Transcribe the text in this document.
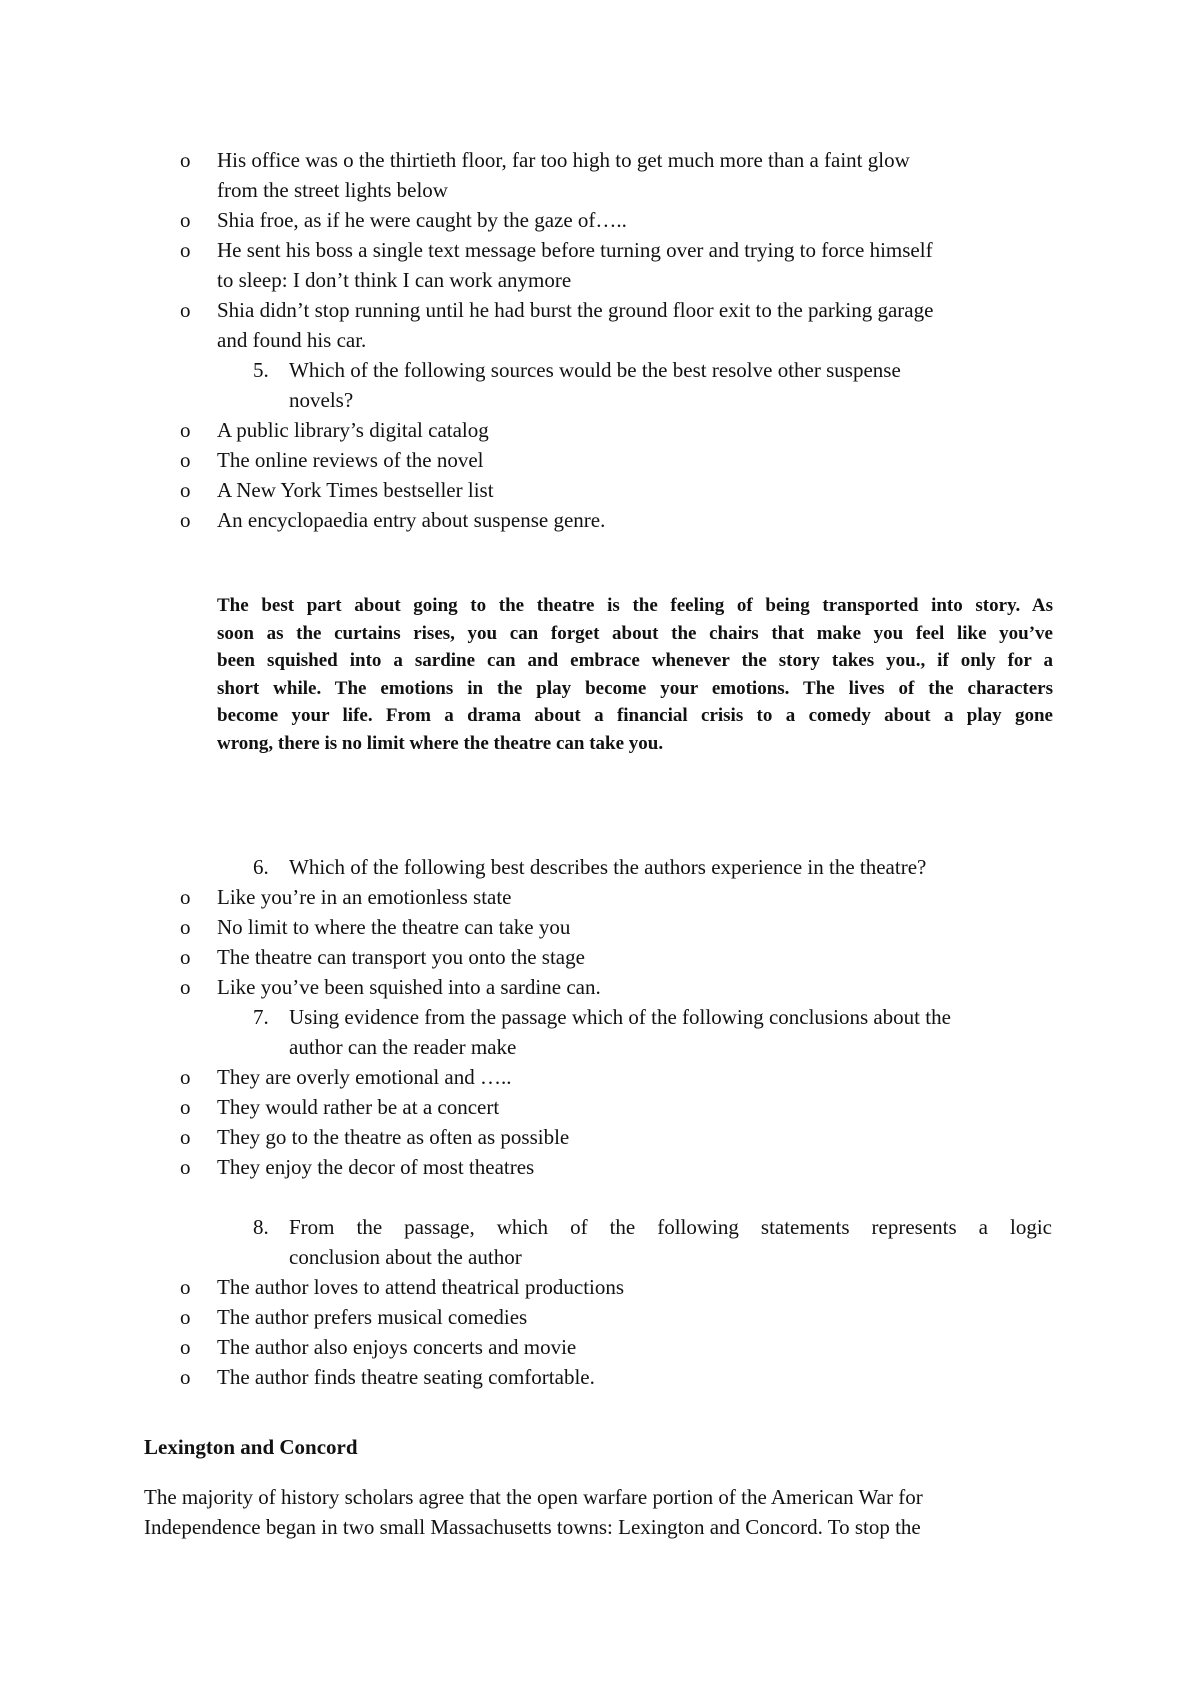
o His office was o the thirtieth floor, far too high to get much more than a faint glow
from the street lights below
o Shia froe, as if he were caught by the gaze of…..
o He sent his boss a single text message before turning over and trying to force himself
to sleep: I don’t think I can work anymore
o Shia didn’t stop running until he had burst the ground floor exit to the parking garage
and found his car.
5. Which of the following sources would be the best resolve other suspense
novels?
o A public library’s digital catalog
o The online reviews of the novel
o A New York Times bestseller list
o An encyclopaedia entry about suspense genre.
The best part about going to the theatre is the feeling of being transported into story. As
soon as the curtains rises, you can forget about the chairs that make you feel like you’ve
been squished into a sardine can and embrace whenever the story takes you., if only for a
short while. The emotions in the play become your emotions. The lives of the characters
become your life. From a drama about a financial crisis to a comedy about a play gone
wrong, there is no limit where the theatre can take you.
6. Which of the following best describes the authors experience in the theatre?
o Like you’re in an emotionless state
o No limit to where the theatre can take you
o The theatre can transport you onto the stage
o Like you’ve been squished into a sardine can.
7. Using evidence from the passage which of the following conclusions about the
author can the reader make
o They are overly emotional and …..
o They would rather be at a concert
o They go to the theatre as often as possible
o They enjoy the decor of most theatres
8. From the passage, which of the following statements represents a logic
conclusion about the author
o The author loves to attend theatrical productions
o The author prefers musical comedies
o The author also enjoys concerts and movie
o The author finds theatre seating comfortable.
Lexington and Concord
The majority of history scholars agree that the open warfare portion of the American War for
Independence began in two small Massachusetts towns: Lexington and Concord. To stop the
